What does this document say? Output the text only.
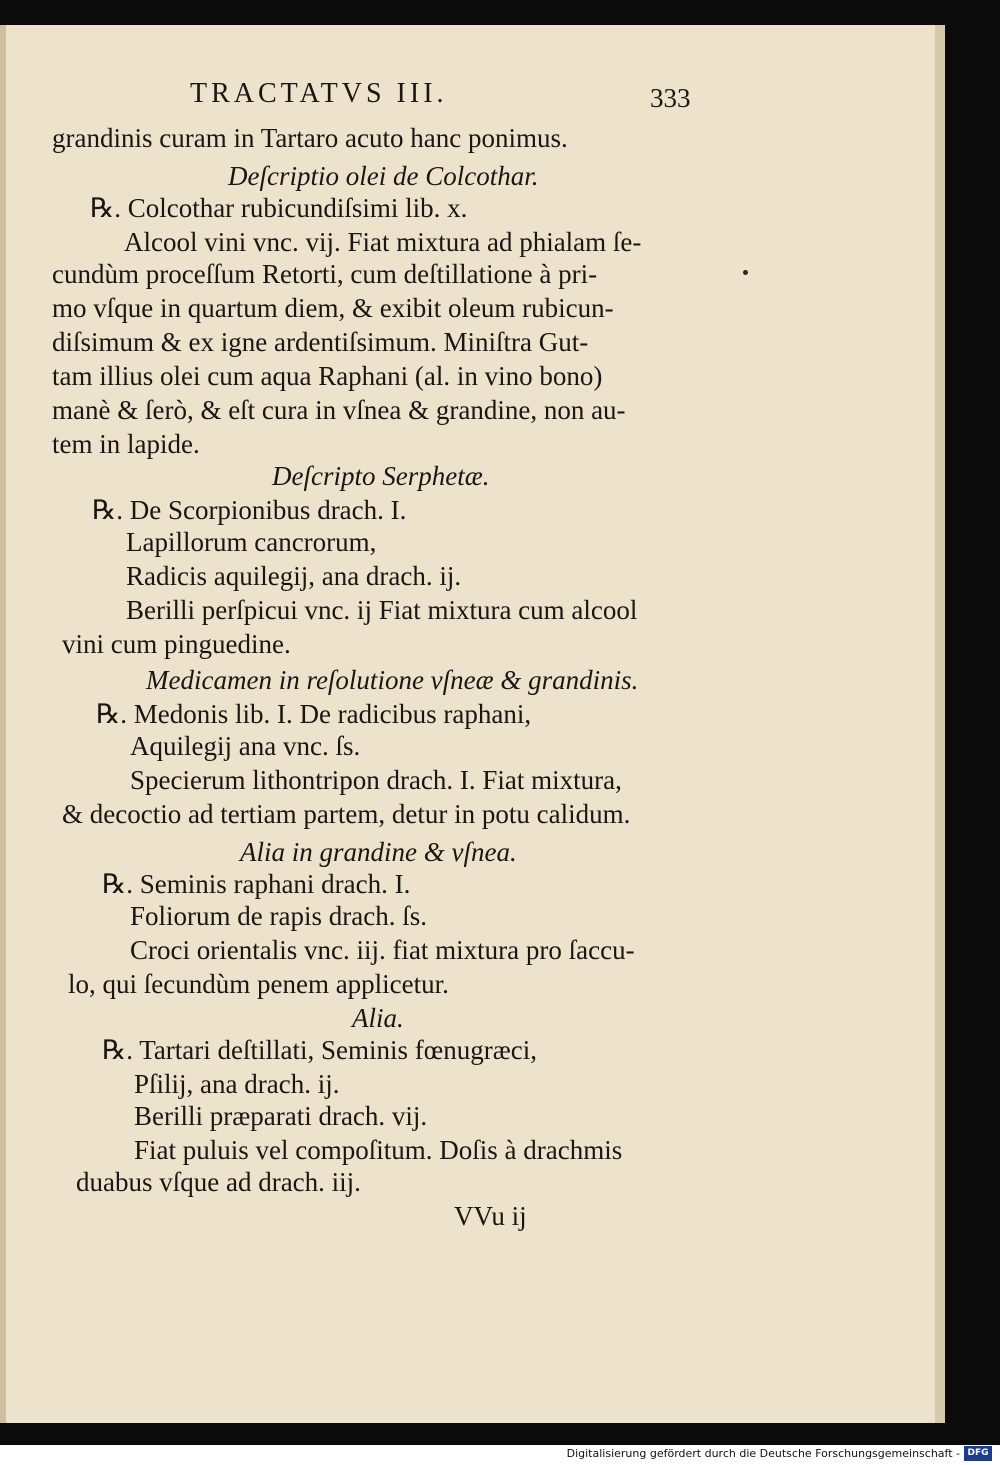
TRACTATVS III.	333
grandinis curam in Tartaro acuto hanc ponimus.
Deſcriptio olei de Colcothar.
℞. Colcothar rubicundiſsimi lib. x.
Alcool vini vnc. vij. Fiat mixtura ad phialam ſe-
cundùm proceſſum Retorti, cum deſtillatione à pri-
mo vſque in quartum diem, & exibit oleum rubicun-
diſsimum & ex igne ardentiſsimum. Miniſtra Gut-
tam illius olei cum aqua Raphani (al. in vino bono)
manè & ſerò, & eſt cura in vſnea & grandine, non au-
tem in lapide.
Deſcripto Serphetæ.
℞. De Scorpionibus drach. I.
Lapillorum cancrorum,
Radicis aquilegij, ana drach. ij.
Berilli perſpicui vnc. ij Fiat mixtura cum alcool
vini cum pinguedine.
Medicamen in reſolutione vſneæ & grandinis.
℞. Medonis lib. I. De radicibus raphani,
Aquilegij ana vnc. ſs.
Specierum lithontripon drach. I. Fiat mixtura,
& decoctio ad tertiam partem, detur in potu calidum.
Alia in grandine & vſnea.
℞. Seminis raphani drach. I.
Foliorum de rapis drach. ſs.
Croci orientalis vnc. iij. fiat mixtura pro ſaccu-
lo, qui ſecundùm penem applicetur.
Alia.
℞. Tartari deſtillati, Seminis fœnugræci,
Pſilij, ana drach. ij.
Berilli præparati drach. vij.
Fiat puluis vel compoſitum. Doſis à drachmis
duabus vſque ad drach. iij.
VVu ij
Digitalisierung gefördert durch die Deutsche Forschungsgemeinschaft - DFG
